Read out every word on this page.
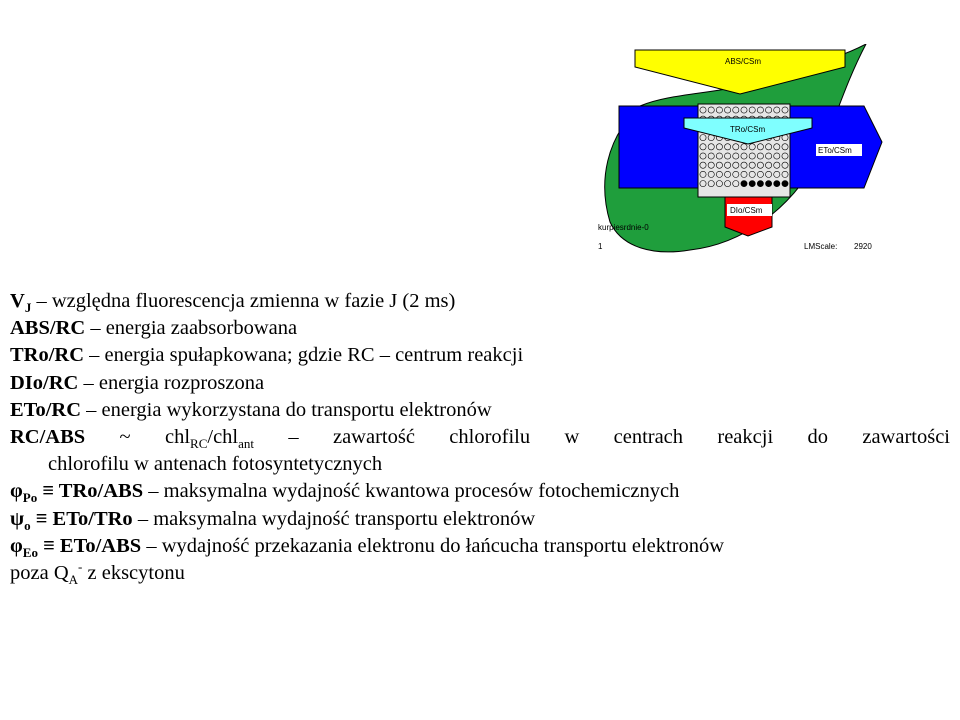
ABS/CSm
TRo/CSm
ETo/CSm
DIo/CSm
kurpiesrdnie-0
1	LMScale: 2920
$V_J$ – względna fluorescencja zmienna w fazie J (2 ms)
ABS/RC – energia zaabsorbowana
TRo/RC – energia spułapkowana; gdzie RC – centrum reakcji
DIo/RC – energia rozproszona
ETo/RC – energia wykorzystana do transportu elektronów
RC/ABS ~ chl$_{RC}$/chl$_{ant}$ – zawartość chlorofilu w centrach reakcji do zawartości
chlorofilu w antenach fotosyntetycznych
$\varphi_{Po} \equiv TRo/ABS$ – maksymalna wydajność kwantowa procesów fotochemicznych
$\psi_o \equiv ETo/TRo$ – maksymalna wydajność transportu elektronów
$\varphi_{Eo} \equiv ETo/ABS$ – wydajność przekazania elektronu do łańcucha transportu elektronów
poza $Q_A^-$ z ekscytonu
